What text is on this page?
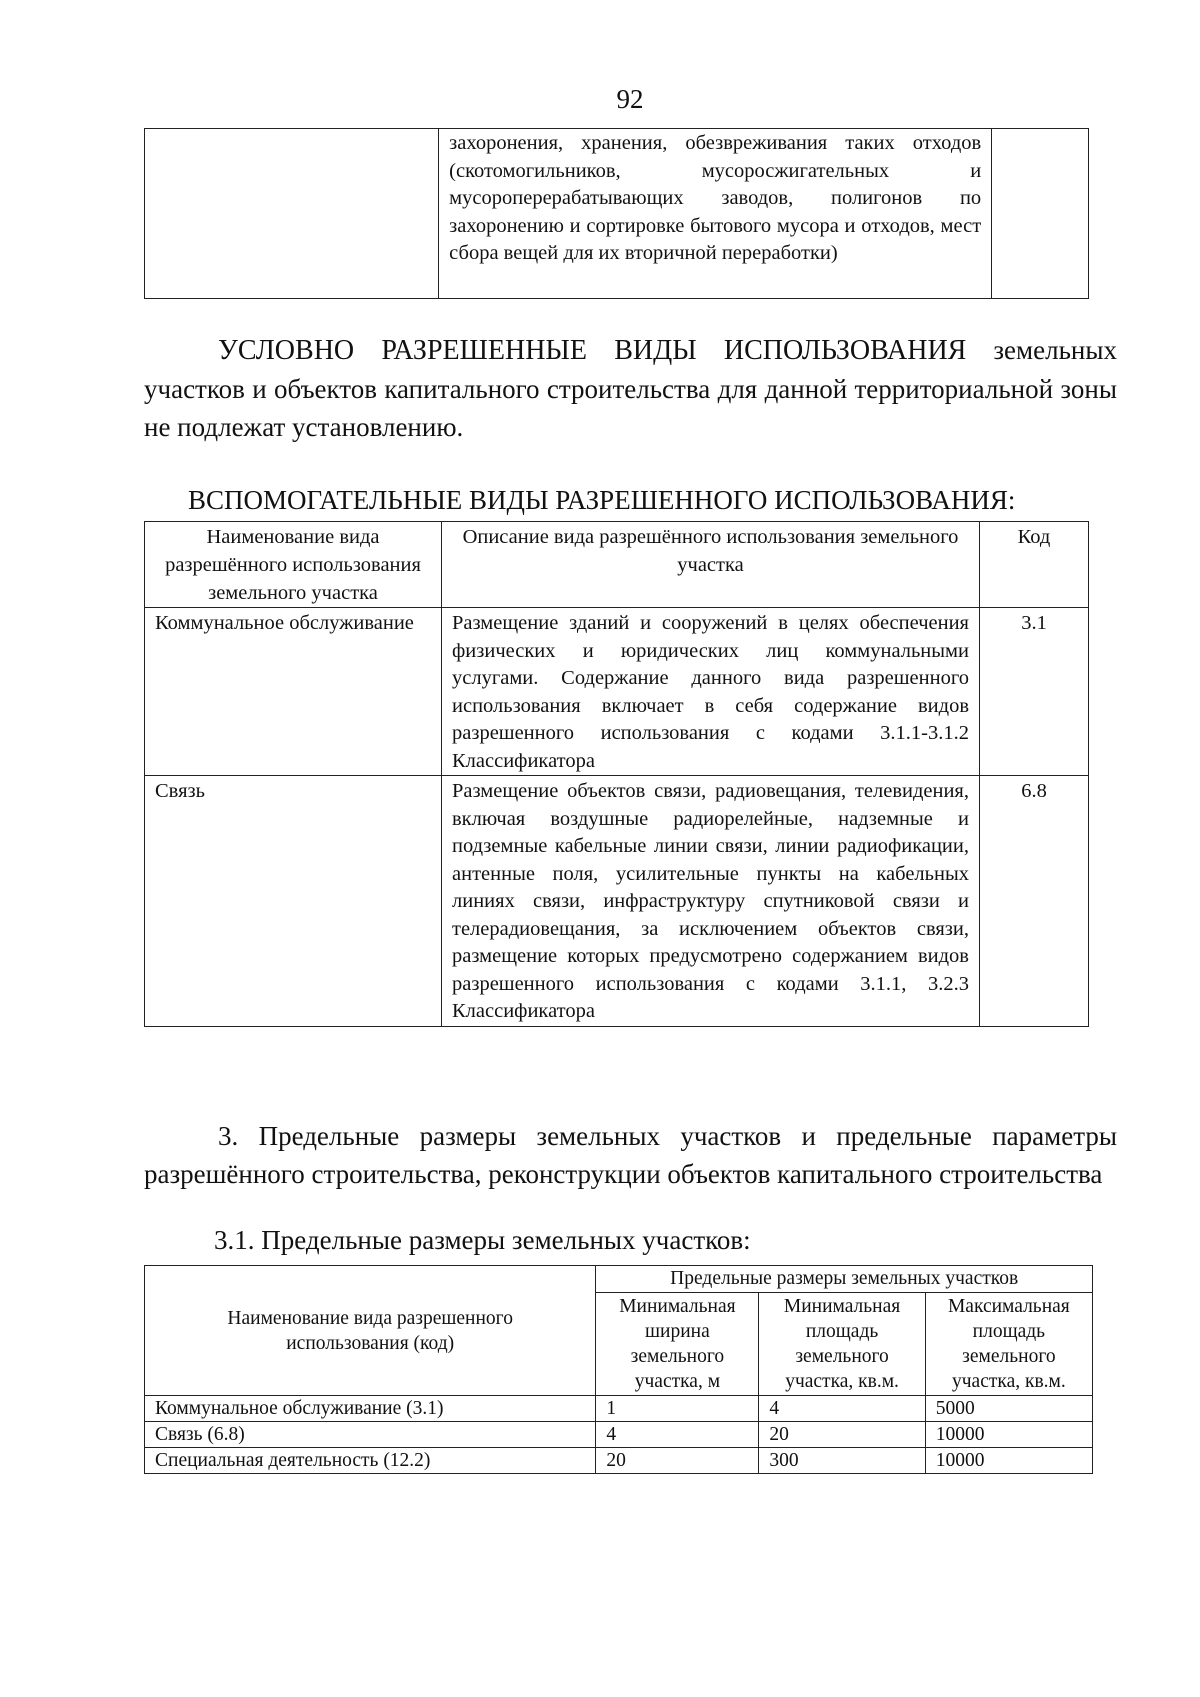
92
	захоронения, хранения, обезвреживания таких отходов (скотомогильников, мусоросжигательных и мусороперерабатывающих заводов, полигонов по захоронению и сортировке бытового мусора и отходов, мест сбора вещей для их вторичной переработки)	
УСЛОВНО РАЗРЕШЕННЫЕ ВИДЫ ИСПОЛЬЗОВАНИЯ земельных участков и объектов капитального строительства для данной территориальной зоны не подлежат установлению.
ВСПОМОГАТЕЛЬНЫЕ ВИДЫ РАЗРЕШЕННОГО ИСПОЛЬЗОВАНИЯ:
Наименование вида разрешённого использования земельного участка	Описание вида разрешённого использования земельного участка	Код
Коммунальное обслуживание	Размещение зданий и сооружений в целях обеспечения физических и юридических лиц коммунальными услугами. Содержание данного вида разрешенного использования включает в себя содержание видов разрешенного использования с кодами 3.1.1-3.1.2 Классификатора	3.1
Связь	Размещение объектов связи, радиовещания, телевидения, включая воздушные радиорелейные, надземные и подземные кабельные линии связи, линии радиофикации, антенные поля, усилительные пункты на кабельных линиях связи, инфраструктуру спутниковой связи и телерадиовещания, за исключением объектов связи, размещение которых предусмотрено содержанием видов разрешенного использования с кодами 3.1.1, 3.2.3 Классификатора	6.8
3. Предельные размеры земельных участков и предельные параметры разрешённого строительства, реконструкции объектов капитального строительства
3.1. Предельные размеры земельных участков:
Наименование вида разрешенного использования (код)	Предельные размеры земельных участков		
	Минимальная ширина земельного участка, м	Минимальная площадь земельного участка, кв.м.	Максимальная площадь земельного участка, кв.м.
Коммунальное обслуживание (3.1)	1	4	5000
Связь (6.8)	4	20	10000
Специальная деятельность (12.2)	20	300	10000
